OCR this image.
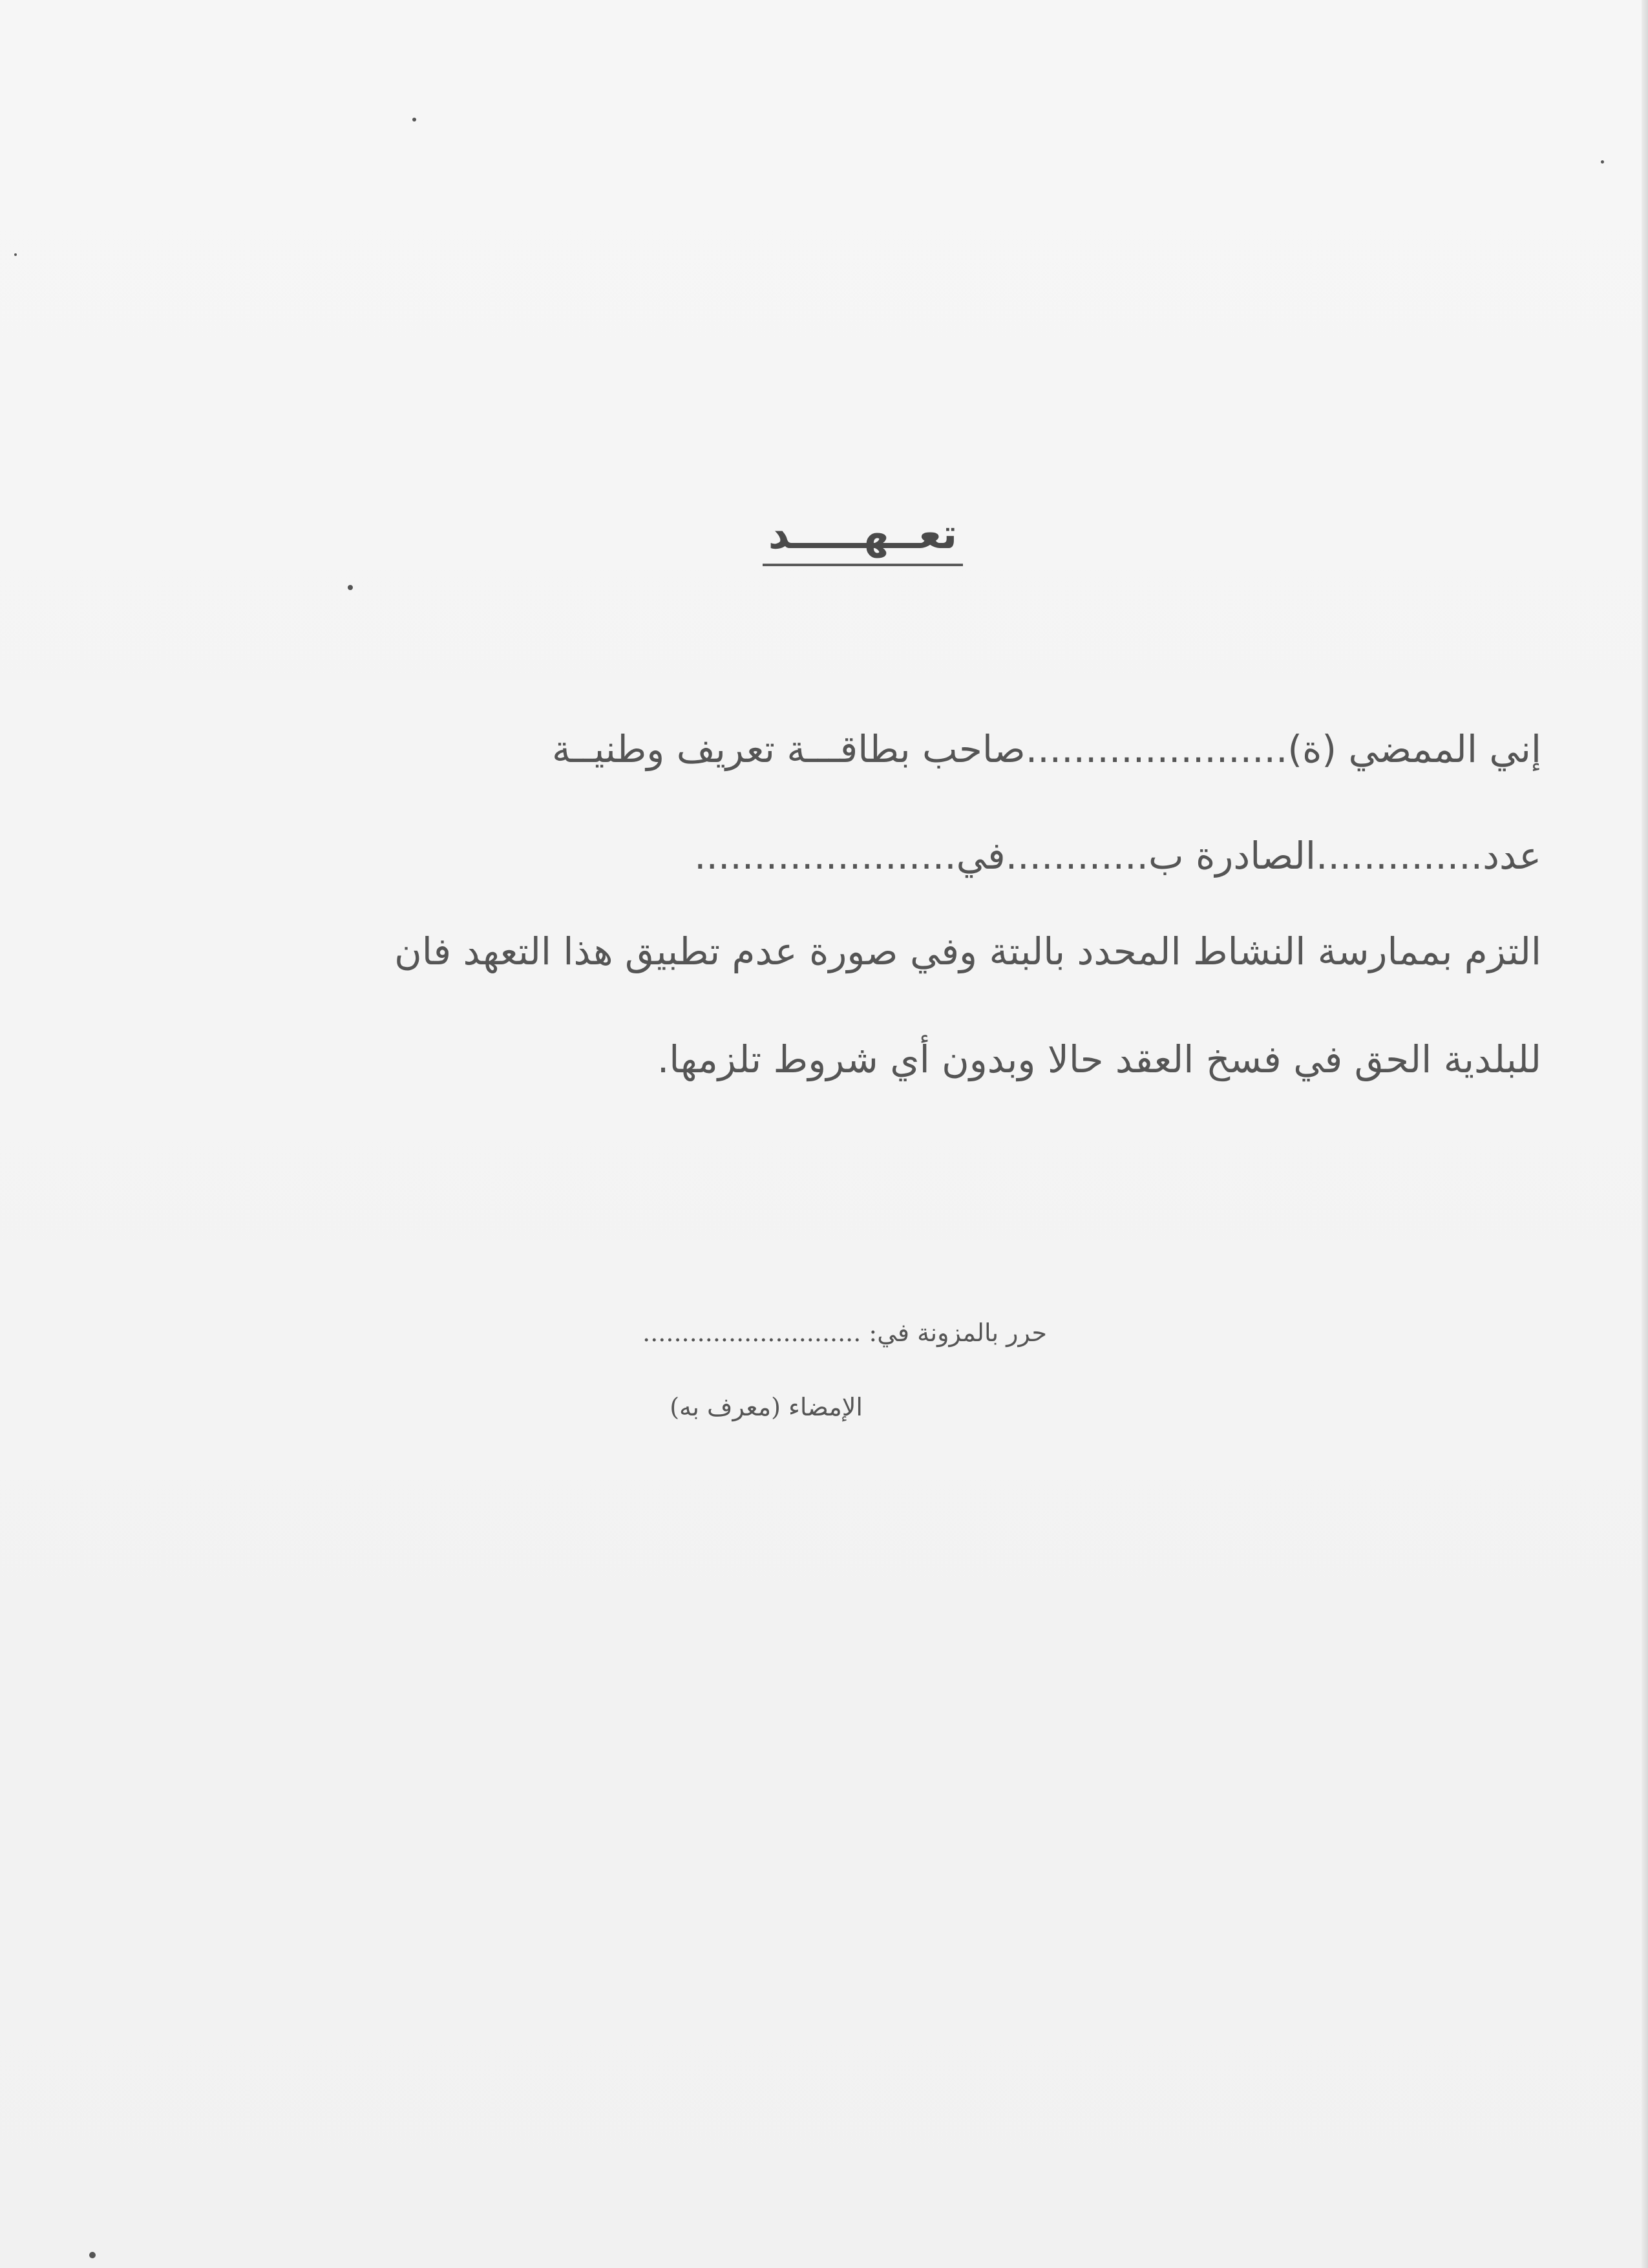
تعــهـــــد
إني الممضي (ة)......................صاحب بطاقـــة تعريف وطنيــة
عدد..............الصادرة ب............في......................
التزم بممارسة النشاط المحدد بالبتة وفي صورة عدم تطبيق هذا التعهد فان
للبلدية الحق في فسخ العقد حالا وبدون أي شروط تلزمها.
حرر بالمزونة في: ............................
الإمضاء (معرف به)
